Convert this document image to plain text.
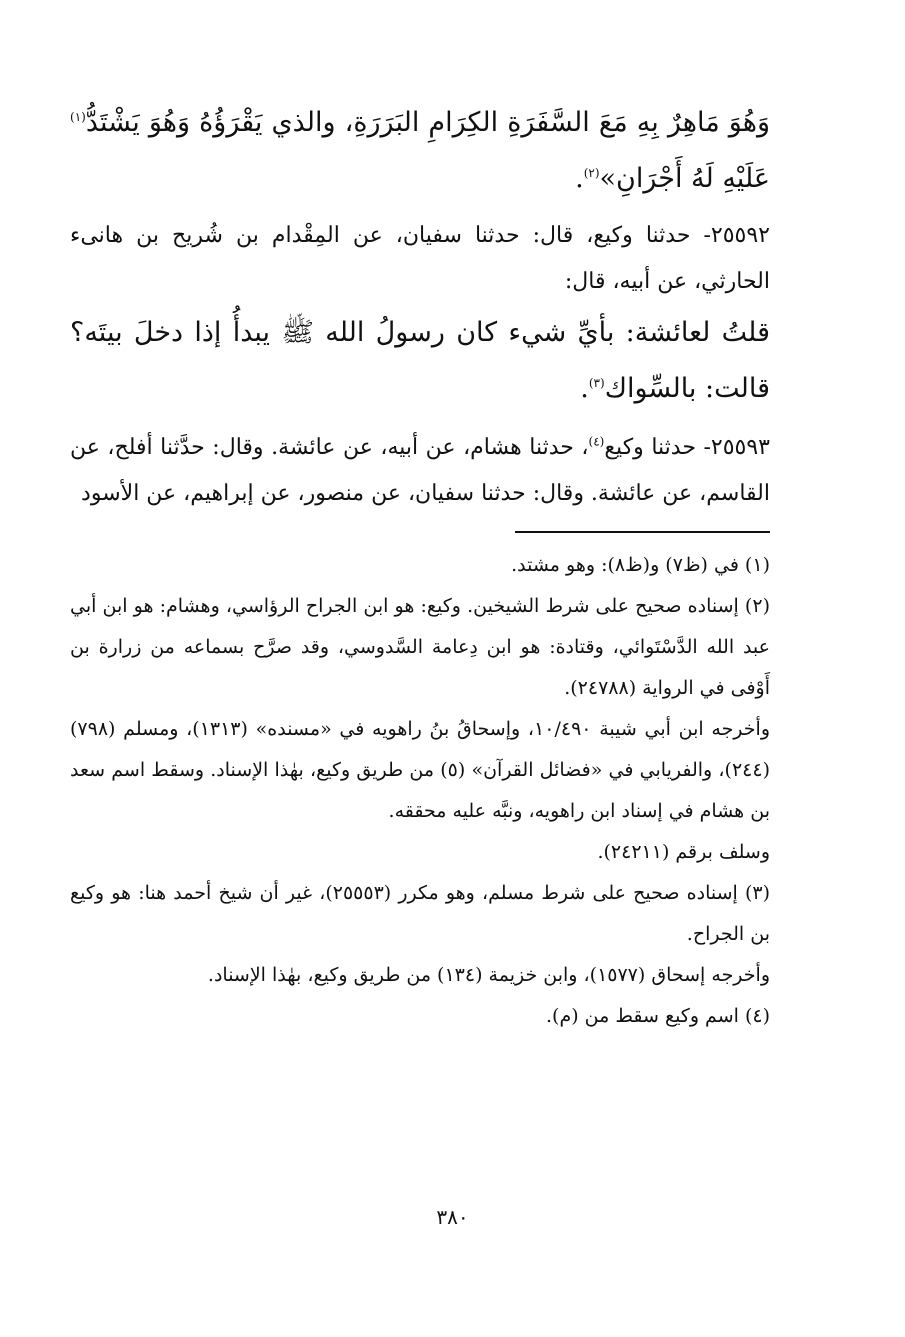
وَهُوَ مَاهِرٌ بِهِ مَعَ السَّفَرَةِ الكِرَامِ البَرَرَةِ، والذي يَقْرَؤُهُ وَهُوَ يَشْتَدُّ$^{(١)}$ عَلَيْهِ لَهُ أَجْرَانِ»$^{(٢)}$.

٢٥٥٩٢- حدثنا وكيع، قال: حدثنا سفيان، عن المِقْدام بن شُريح بن هانىء الحارثي، عن أبيه، قال:

قلتُ لعائشة: بأيِّ شيء كان رسولُ الله ﷺ يبدأُ إذا دخلَ بيتَه؟ قالت: بالسِّواك$^{(٣)}$.

٢٥٥٩٣- حدثنا وكيع$^{(٤)}$، حدثنا هشام، عن أبيه، عن عائشة. وقال: حدَّثنا أفلح، عن القاسم، عن عائشة. وقال: حدثنا سفيان، عن منصور، عن إبراهيم، عن الأسود

(١) في (ظ٧) و(ظ٨): وهو مشتد.

(٢) إسناده صحيح على شرط الشيخين. وكيع: هو ابن الجراح الرؤاسي، وهشام: هو ابن أبي عبد الله الدَّسْتَوائي، وقتادة: هو ابن دِعامة السَّدوسي، وقد صرَّح بسماعه من زرارة بن أَوْفى في الرواية (٢٤٧٨٨).

وأخرجه ابن أبي شيبة ١٠/٤٩٠، وإسحاقُ بنُ راهويه في «مسنده» (١٣١٣)، ومسلم (٧٩٨) (٢٤٤)، والفريابي في «فضائل القرآن» (٥) من طريق وكيع، بهٰذا الإسناد. وسقط اسم سعد بن هشام في إسناد ابن راهويه، ونبَّه عليه محققه.

وسلف برقم (٢٤٢١١).

(٣) إسناده صحيح على شرط مسلم، وهو مكرر (٢٥٥٥٣)، غير أن شيخ أحمد هنا: هو وكيع بن الجراح.

وأخرجه إسحاق (١٥٧٧)، وابن خزيمة (١٣٤) من طريق وكيع، بهٰذا الإسناد.

(٤) اسم وكيع سقط من (م).

٣٨٠
